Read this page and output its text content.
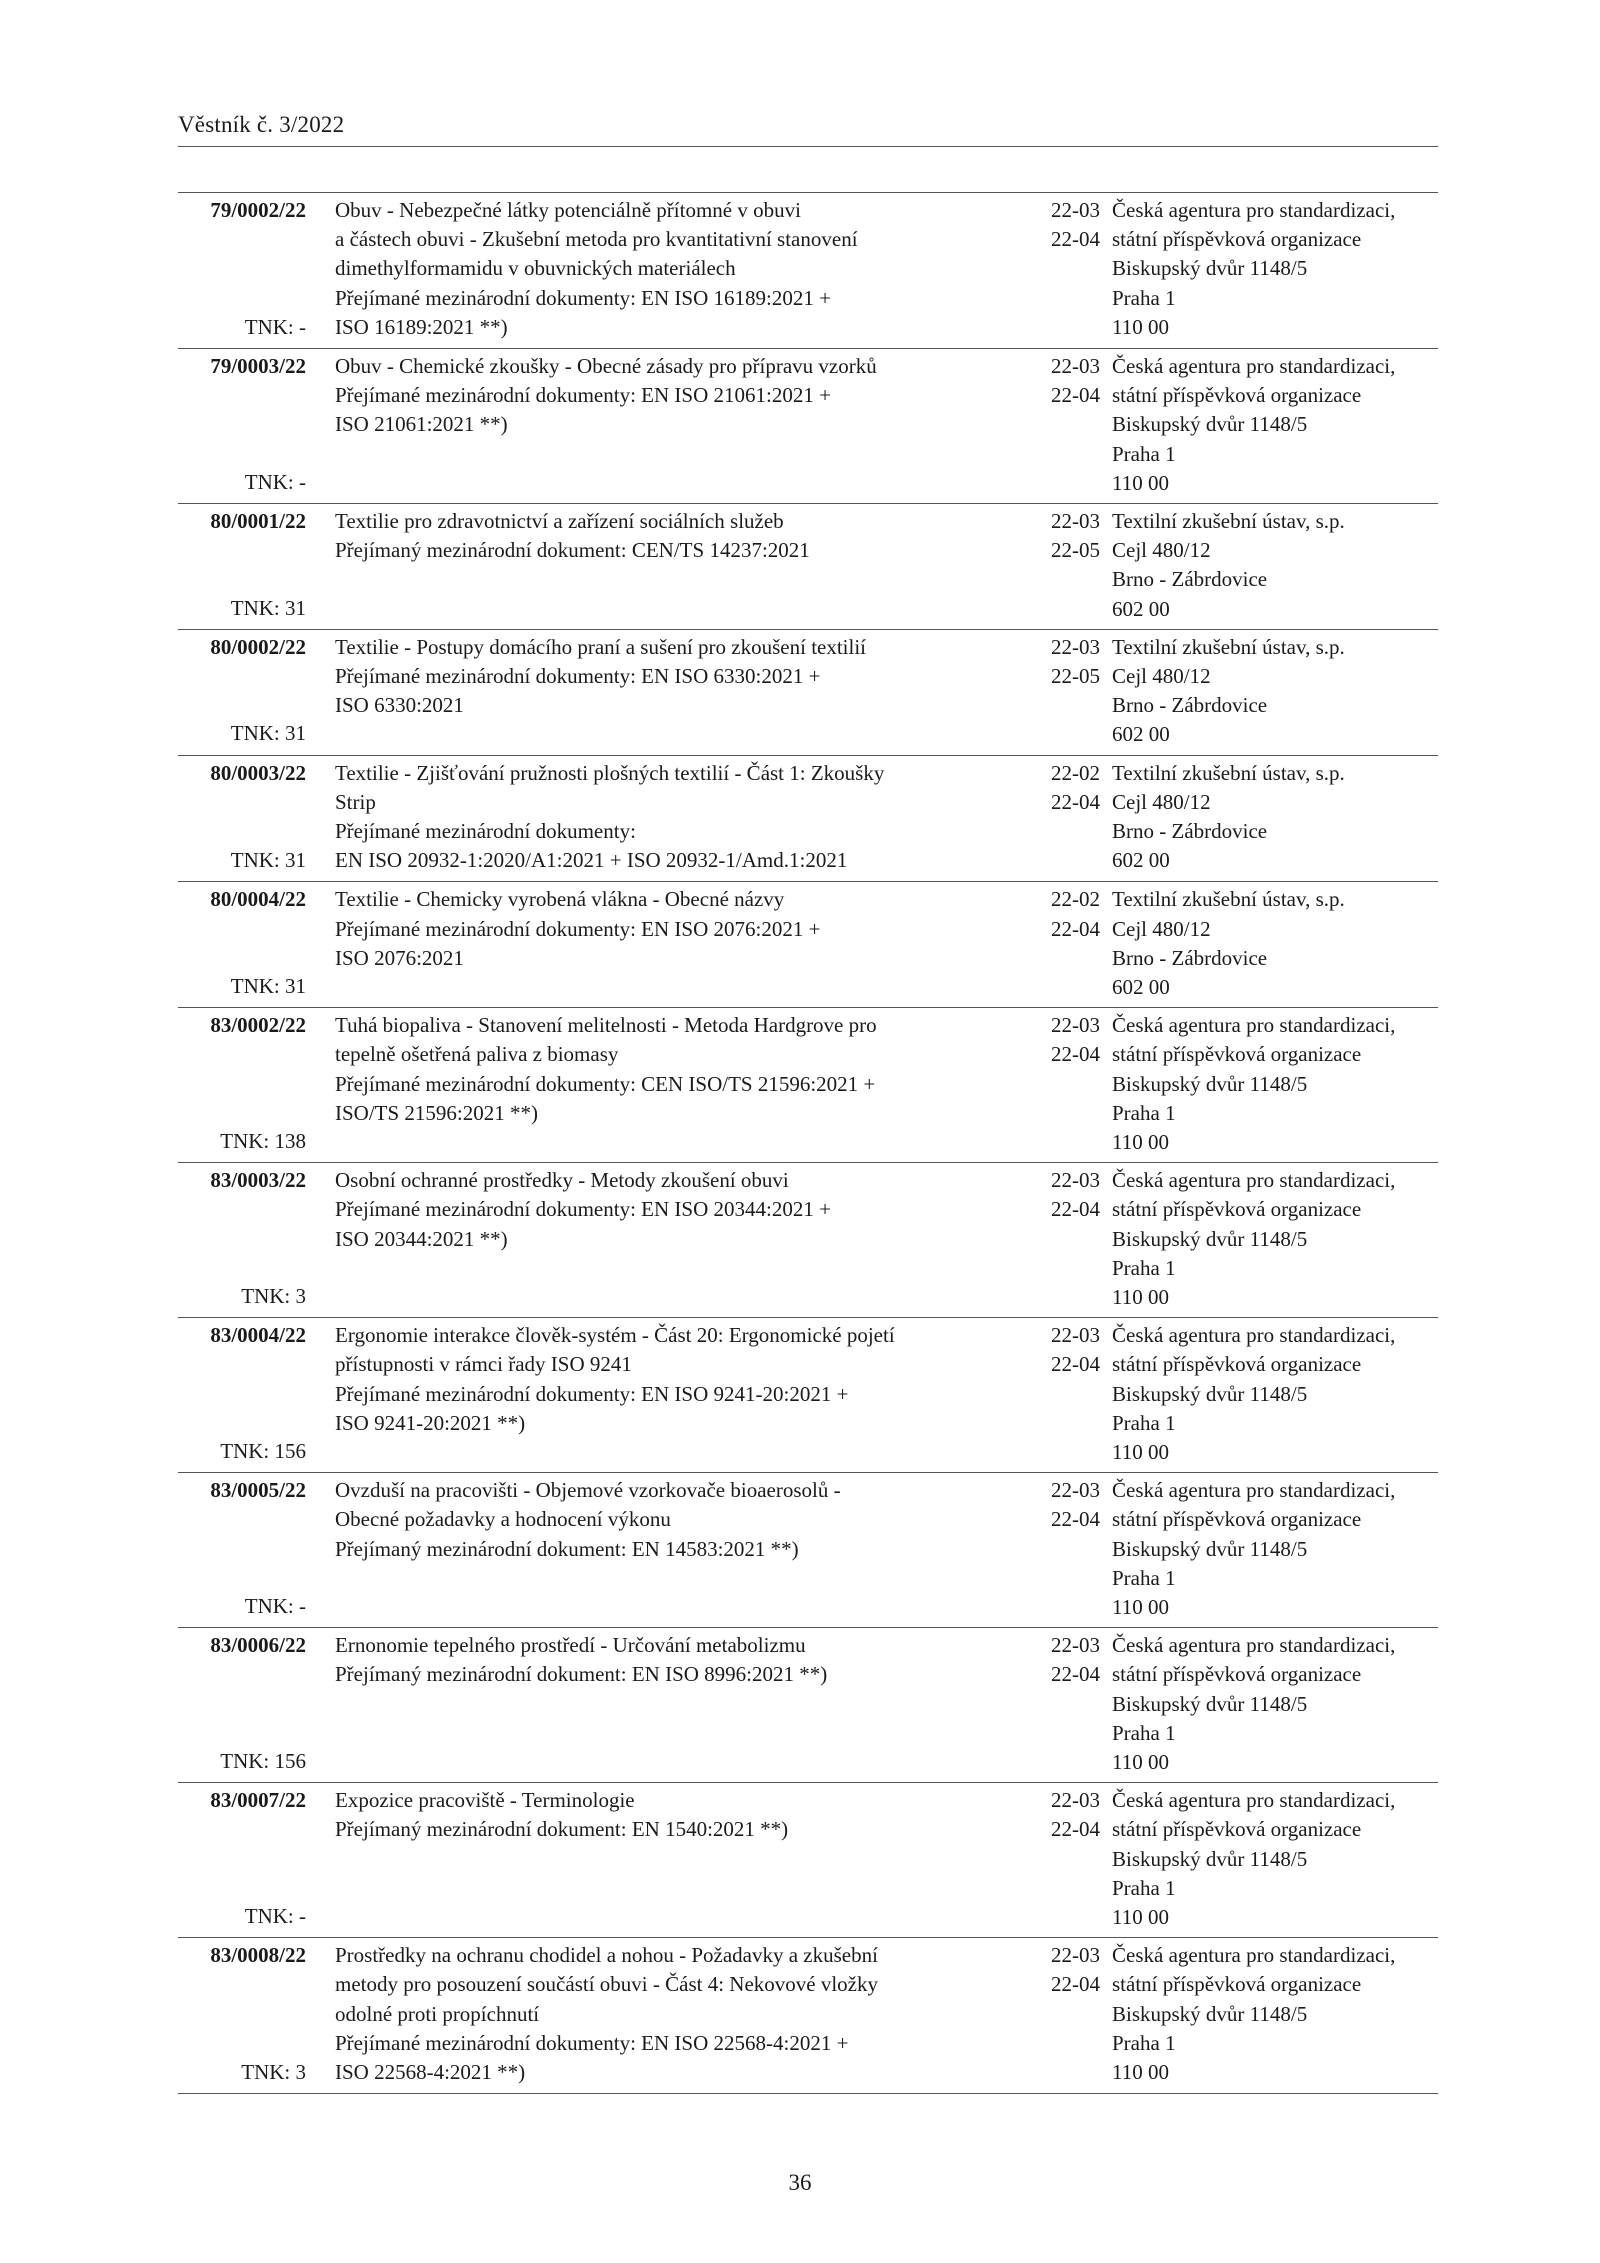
Věstník č. 3/2022
79/0002/22
TNK: -
Obuv - Nebezpečné látky potenciálně přítomné v obuvi
a částech obuvi - Zkušební metoda pro kvantitativní stanovení
dimethylformamidu v obuvnických materiálech
Přejímané mezinárodní dokumenty: EN ISO 16189:2021 +
ISO 16189:2021 **)
22-03
22-04
Česká agentura pro standardizaci,
státní příspěvková organizace
Biskupský dvůr 1148/5
Praha 1
110 00
79/0003/22
TNK: -
Obuv - Chemické zkoušky - Obecné zásady pro přípravu vzorků
Přejímané mezinárodní dokumenty: EN ISO 21061:2021 +
ISO 21061:2021 **)
22-03
22-04
Česká agentura pro standardizaci,
státní příspěvková organizace
Biskupský dvůr 1148/5
Praha 1
110 00
80/0001/22
TNK: 31
Textilie pro zdravotnictví a zařízení sociálních služeb
Přejímaný mezinárodní dokument: CEN/TS 14237:2021
22-03
22-05
Textilní zkušební ústav, s.p.
Cejl 480/12
Brno - Zábrdovice
602 00
80/0002/22
TNK: 31
Textilie - Postupy domácího praní a sušení pro zkoušení textilií
Přejímané mezinárodní dokumenty: EN ISO 6330:2021 +
ISO 6330:2021
22-03
22-05
Textilní zkušební ústav, s.p.
Cejl 480/12
Brno - Zábrdovice
602 00
80/0003/22
TNK: 31
Textilie - Zjišťování pružnosti plošných textilií - Část 1: Zkoušky
Strip
Přejímané mezinárodní dokumenty:
EN ISO 20932-1:2020/A1:2021 + ISO 20932-1/Amd.1:2021
22-02
22-04
Textilní zkušební ústav, s.p.
Cejl 480/12
Brno - Zábrdovice
602 00
80/0004/22
TNK: 31
Textilie - Chemicky vyrobená vlákna - Obecné názvy
Přejímané mezinárodní dokumenty: EN ISO 2076:2021 +
ISO 2076:2021
22-02
22-04
Textilní zkušební ústav, s.p.
Cejl 480/12
Brno - Zábrdovice
602 00
83/0002/22
TNK: 138
Tuhá biopaliva - Stanovení melitelnosti - Metoda Hardgrove pro
tepelně ošetřená paliva z biomasy
Přejímané mezinárodní dokumenty: CEN ISO/TS 21596:2021 +
ISO/TS 21596:2021 **)
22-03
22-04
Česká agentura pro standardizaci,
státní příspěvková organizace
Biskupský dvůr 1148/5
Praha 1
110 00
83/0003/22
TNK: 3
Osobní ochranné prostředky - Metody zkoušení obuvi
Přejímané mezinárodní dokumenty: EN ISO 20344:2021 +
ISO 20344:2021 **)
22-03
22-04
Česká agentura pro standardizaci,
státní příspěvková organizace
Biskupský dvůr 1148/5
Praha 1
110 00
83/0004/22
TNK: 156
Ergonomie interakce člověk-systém - Část 20: Ergonomické pojetí
přístupnosti v rámci řady ISO 9241
Přejímané mezinárodní dokumenty: EN ISO 9241-20:2021 +
ISO 9241-20:2021 **)
22-03
22-04
Česká agentura pro standardizaci,
státní příspěvková organizace
Biskupský dvůr 1148/5
Praha 1
110 00
83/0005/22
TNK: -
Ovzduší na pracovišti - Objemové vzorkovače bioaerosolů -
Obecné požadavky a hodnocení výkonu
Přejímaný mezinárodní dokument: EN 14583:2021 **)
22-03
22-04
Česká agentura pro standardizaci,
státní příspěvková organizace
Biskupský dvůr 1148/5
Praha 1
110 00
83/0006/22
TNK: 156
Ernonomie tepelného prostředí - Určování metabolizmu
Přejímaný mezinárodní dokument: EN ISO 8996:2021 **)
22-03
22-04
Česká agentura pro standardizaci,
státní příspěvková organizace
Biskupský dvůr 1148/5
Praha 1
110 00
83/0007/22
TNK: -
Expozice pracoviště - Terminologie
Přejímaný mezinárodní dokument: EN 1540:2021 **)
22-03
22-04
Česká agentura pro standardizaci,
státní příspěvková organizace
Biskupský dvůr 1148/5
Praha 1
110 00
83/0008/22
TNK: 3
Prostředky na ochranu chodidel a nohou - Požadavky a zkušební
metody pro posouzení součástí obuvi - Část 4: Nekovové vložky
odolné proti propíchnutí
Přejímané mezinárodní dokumenty: EN ISO 22568-4:2021 +
ISO 22568-4:2021 **)
22-03
22-04
Česká agentura pro standardizaci,
státní příspěvková organizace
Biskupský dvůr 1148/5
Praha 1
110 00
36
